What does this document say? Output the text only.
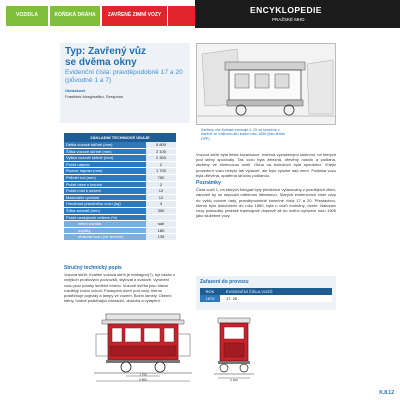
VOZIDLA	KOŇSKÁ DRÁHA ZAVŘENÉ ZIMNÍ VOZY
ENCYKLOPEDIE
PRAŽSKÉ MHD
Typ: Zavřený vůz
se dvěma okny
Evidenční čísla: pravděpodobně 17 a 20 (původně 1 a 7)
Obrázkové
František Mraghrafiko, Seraphon
ZÁKLADNÍ TECHNICKÉ ÚDAJE
Délka vozové skříně (mm)	5 800
Šířka vozové skříně (mm)	2 100
Výška vozové skříně (mm)	2 300
Počet náprav	2
Rozvor náprav (mm)	1 700
Průměr kol (mm)	750
Počet oken v bocích	2
Počet míst k sezení	12
Maximální rychlost	12
Hmotnost prázdného vozu (kg)	3
Šířka schodů (mm)	300
Počet cestujících celkem (%)
zimní vozidla	sail
pojížky	180
obsluha vozu (ve zimním)	135
Stručný technický popis
Vozová skříň: Kvalitní vozová skříň je mahagon(?), byl vázán z vnějších profilových podvozků, stylovat a svalové. Vyrobení vozu jsou potahy šedého ehrmo. Vozové dvířka jsou hlavní rozdělují boční vchod. Postupem dveří pod vozy, kterou postěžnuje pojezdy a lampy ve vozem. Boční lamely. Okenní stěny, hodně podléhající náhradní, obsluha a vytápění.
Zavřený vůz Koňské tramvaje č. 20 na konečné v Karlíně ve Vnitřním ulici kolem roku 1890 (foto archiv DPP)
Vozová skříň byla lehké konstrukce, tvořená vyztuženými koleními, na kterých pod stěny spočívaly. Tak vozu byla železná, dřevěný nosník a podlaha, ztuženy ve čtvercovou ocelí. Okna na bočnicích byla spouštěcí. Vnější provedení vozu nebylo tak výrazné, ale bylo vysoké nad zemí. Podlaha vozu byla dřevěná, opatřená laťovou podlahou.
Poznámky
Čísla vozů 1, na kterých fotograf byly předchozí vyřazovány z pozdějších dílen, zároveň by se nepoužil odbornou literaturou. Starých evidenčních čísel vozy do vyšší vozové řady, pravděpodobně konečné čísla 17 a 20. Přestavbou, kterou bylo dokončeno do roku 1890, byla u vozů mohutný, dveře. Nakonec vozy posloužily pražské tramvajové dopravě až do svého vyřazení roku 1905 jako služebné vozy.
Zařazení do provozu
ROK	EVIDENČNÍ ČÍSLA VOZŮ
1875	17, 20
1 700
5 800	2 100
K.8.12
